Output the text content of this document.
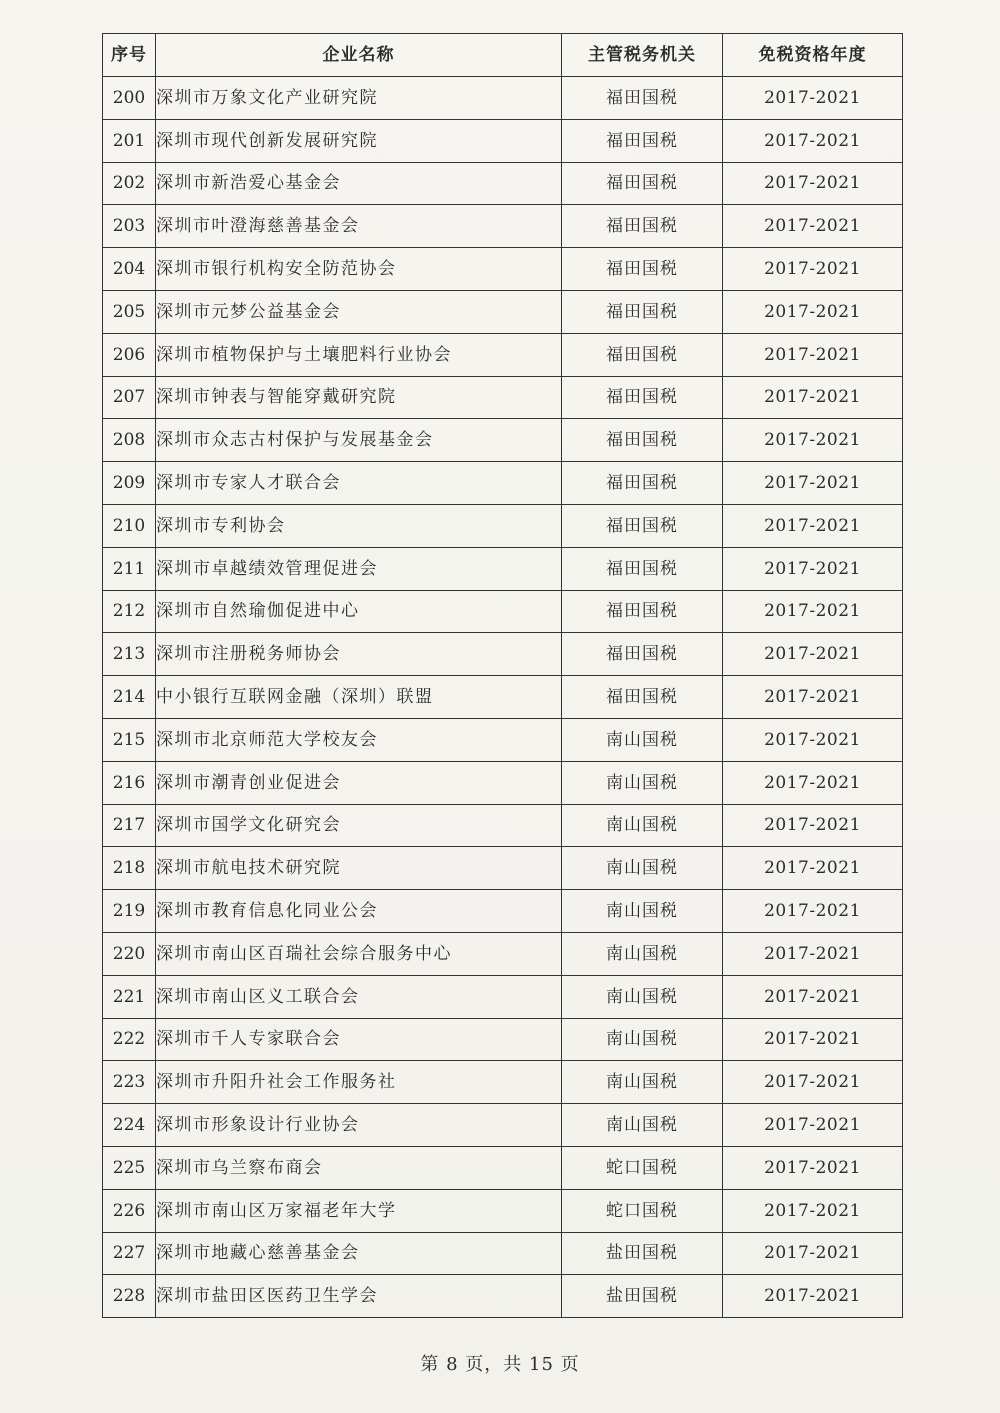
序号	企业名称	主管税务机关	免税资格年度
200	深圳市万象文化产业研究院	福田国税	2017-2021
201	深圳市现代创新发展研究院	福田国税	2017-2021
202	深圳市新浩爱心基金会	福田国税	2017-2021
203	深圳市叶澄海慈善基金会	福田国税	2017-2021
204	深圳市银行机构安全防范协会	福田国税	2017-2021
205	深圳市元梦公益基金会	福田国税	2017-2021
206	深圳市植物保护与土壤肥料行业协会	福田国税	2017-2021
207	深圳市钟表与智能穿戴研究院	福田国税	2017-2021
208	深圳市众志古村保护与发展基金会	福田国税	2017-2021
209	深圳市专家人才联合会	福田国税	2017-2021
210	深圳市专利协会	福田国税	2017-2021
211	深圳市卓越绩效管理促进会	福田国税	2017-2021
212	深圳市自然瑜伽促进中心	福田国税	2017-2021
213	深圳市注册税务师协会	福田国税	2017-2021
214	中小银行互联网金融（深圳）联盟	福田国税	2017-2021
215	深圳市北京师范大学校友会	南山国税	2017-2021
216	深圳市潮青创业促进会	南山国税	2017-2021
217	深圳市国学文化研究会	南山国税	2017-2021
218	深圳市航电技术研究院	南山国税	2017-2021
219	深圳市教育信息化同业公会	南山国税	2017-2021
220	深圳市南山区百瑞社会综合服务中心	南山国税	2017-2021
221	深圳市南山区义工联合会	南山国税	2017-2021
222	深圳市千人专家联合会	南山国税	2017-2021
223	深圳市升阳升社会工作服务社	南山国税	2017-2021
224	深圳市形象设计行业协会	南山国税	2017-2021
225	深圳市乌兰察布商会	蛇口国税	2017-2021
226	深圳市南山区万家福老年大学	蛇口国税	2017-2021
227	深圳市地藏心慈善基金会	盐田国税	2017-2021
228	深圳市盐田区医药卫生学会	盐田国税	2017-2021
第 8 页，共 15 页
